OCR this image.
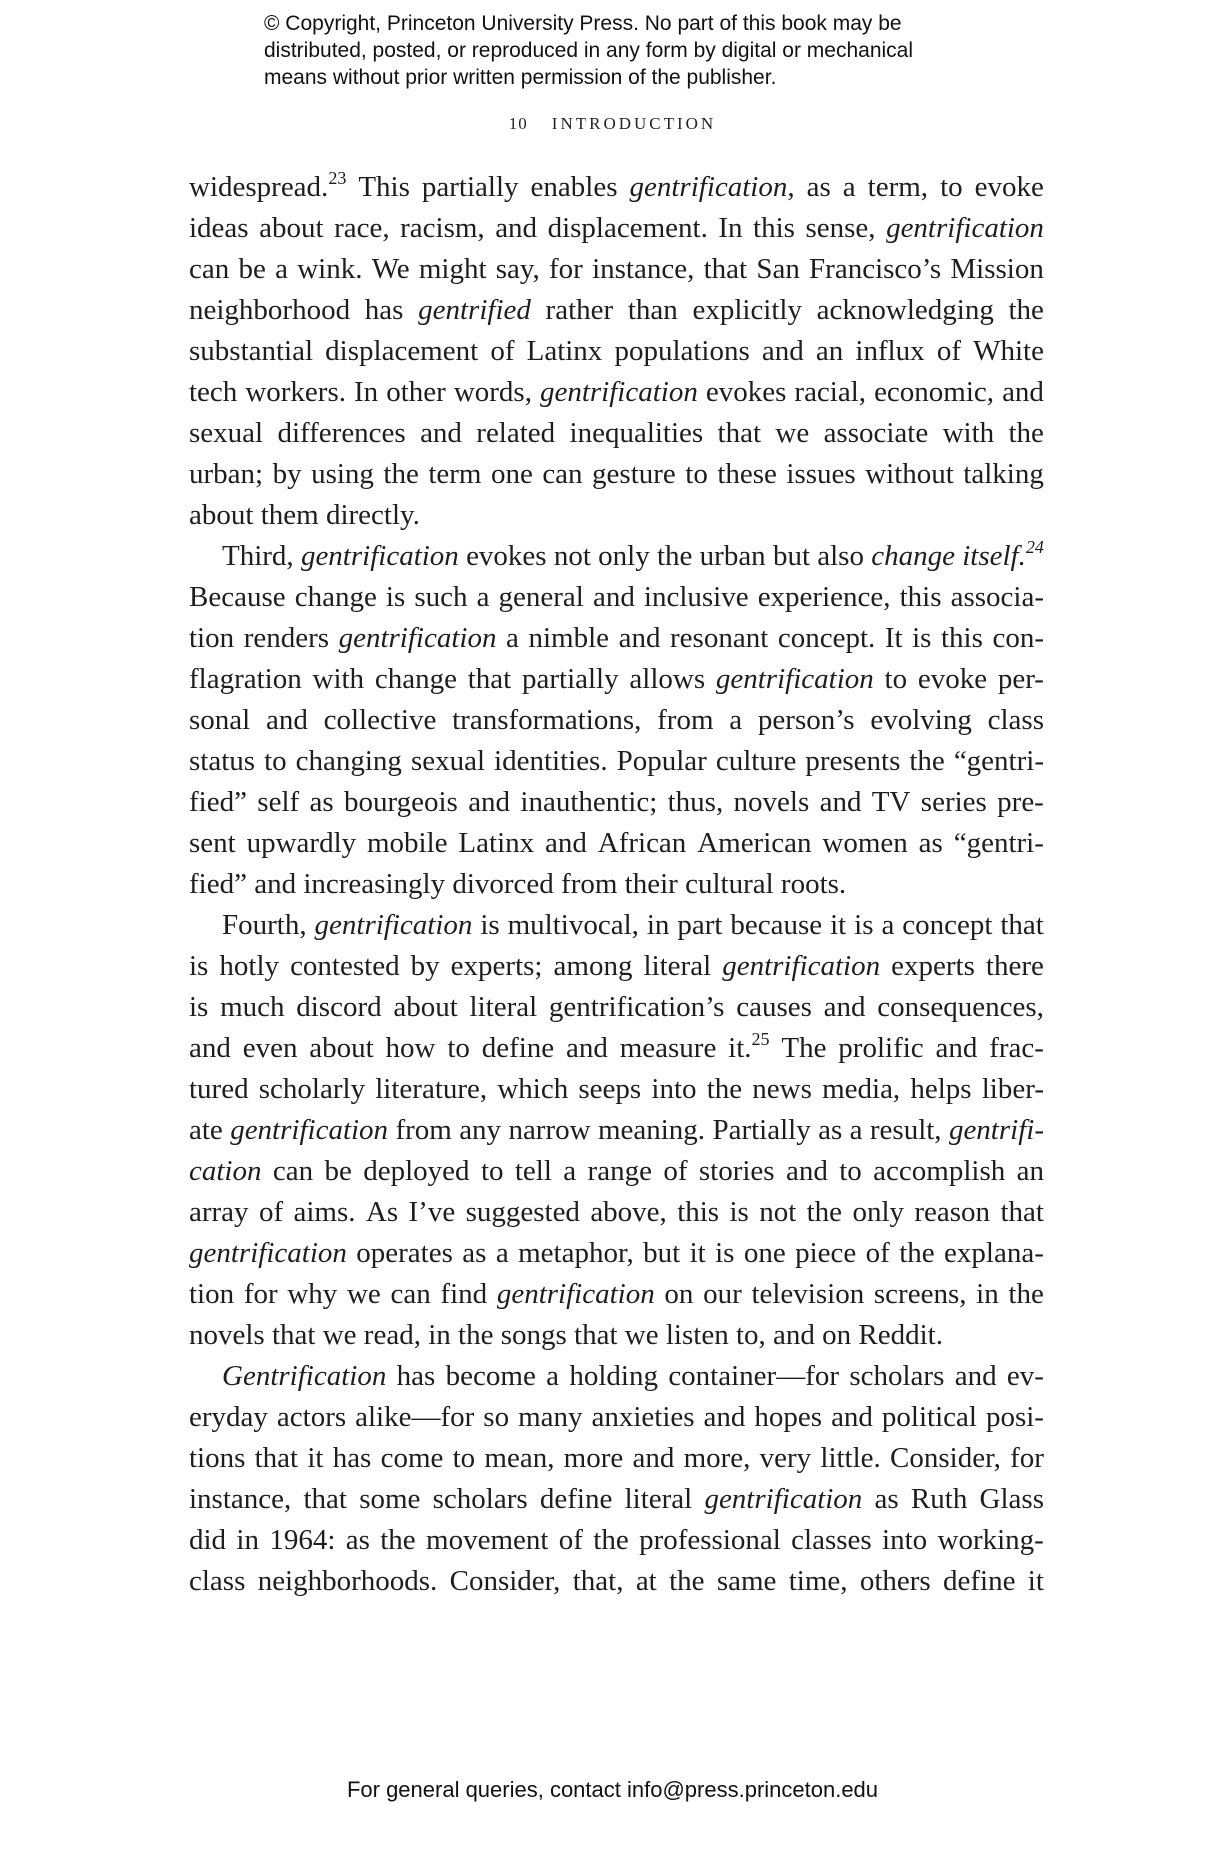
© Copyright, Princeton University Press. No part of this book may be
distributed, posted, or reproduced in any form by digital or mechanical
means without prior written permission of the publisher.
10 INTRODUCTION
widespread.$^{23}$ This partially enables gentrification, as a term, to evoke
ideas about race, racism, and displacement. In this sense, gentrification
can be a wink. We might say, for instance, that San Francisco’s Mission
neighborhood has gentrified rather than explicitly acknowledging the
substantial displacement of Latinx populations and an influx of White
tech workers. In other words, gentrification evokes racial, economic, and
sexual differences and related inequalities that we associate with the
urban; by using the term one can gesture to these issues without talking
about them directly.
Third, gentrification evokes not only the urban but also change itself.$^{24}$
Because change is such a general and inclusive experience, this associa-
tion renders gentrification a nimble and resonant concept. It is this con-
flagration with change that partially allows gentrification to evoke per-
sonal and collective transformations, from a person’s evolving class
status to changing sexual identities. Popular culture presents the “gentri-
fied” self as bourgeois and inauthentic; thus, novels and TV series pre-
sent upwardly mobile Latinx and African American women as “gentri-
fied” and increasingly divorced from their cultural roots.
Fourth, gentrification is multivocal, in part because it is a concept that
is hotly contested by experts; among literal gentrification experts there
is much discord about literal gentrification’s causes and consequences,
and even about how to define and measure it.$^{25}$ The prolific and frac-
tured scholarly literature, which seeps into the news media, helps liber-
ate gentrification from any narrow meaning. Partially as a result, gentrifi-
cation can be deployed to tell a range of stories and to accomplish an
array of aims. As I’ve suggested above, this is not the only reason that
gentrification operates as a metaphor, but it is one piece of the explana-
tion for why we can find gentrification on our television screens, in the
novels that we read, in the songs that we listen to, and on Reddit.
Gentrification has become a holding container—for scholars and ev-
eryday actors alike—for so many anxieties and hopes and political posi-
tions that it has come to mean, more and more, very little. Consider, for
instance, that some scholars define literal gentrification as Ruth Glass
did in 1964: as the movement of the professional classes into working-
class neighborhoods. Consider, that, at the same time, others define it
For general queries, contact info@press.princeton.edu
